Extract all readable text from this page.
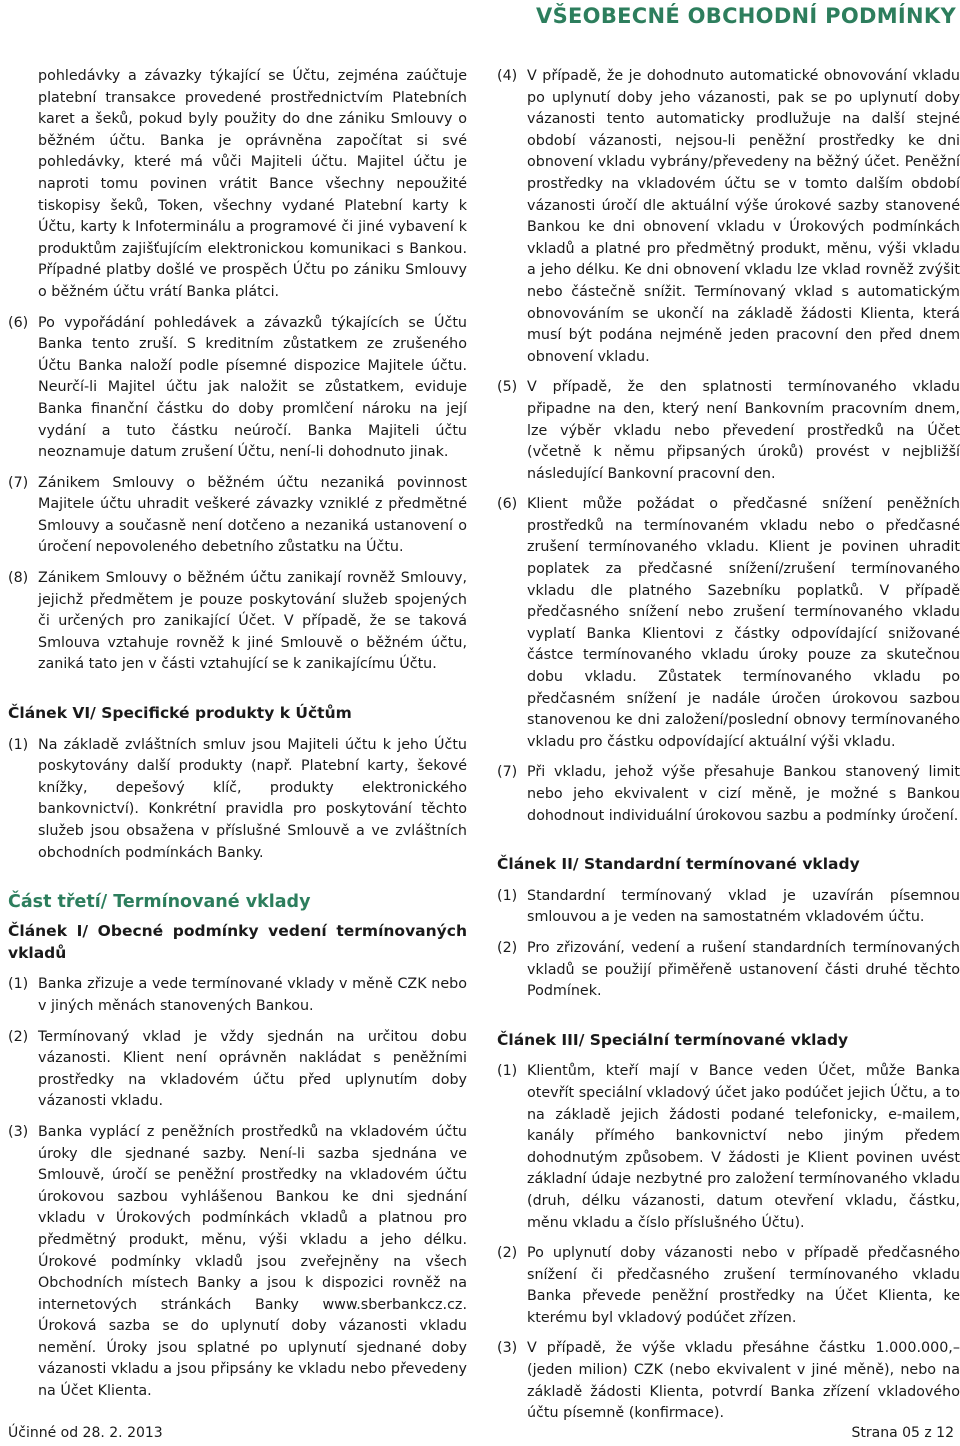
VŠEOBECNÉ OBCHODNÍ PODMÍNKY

pohledávky a závazky týkající se Účtu, zejména zaúčtuje platební transakce provedené prostřednictvím Platebních karet a šeků, pokud byly použity do dne zániku Smlouvy o běžném účtu. Banka je oprávněna započítat si své pohledávky, které má vůči Majiteli účtu. Majitel účtu je naproti tomu povinen vrátit Bance všechny nepoužité tiskopisy šeků, Token, všechny vydané Platební karty k Účtu, karty k Infoterminálu a programové či jiné vybavení k produktům zajišťujícím elektronickou komunikaci s Bankou. Případné platby došlé ve prospěch Účtu po zániku Smlouvy o běžném účtu vrátí Banka plátci.

(6) Po vypořádání pohledávek a závazků týkajících se Účtu Banka tento zruší. S kreditním zůstatkem ze zrušeného Účtu Banka naloží podle písemné dispozice Majitele účtu. Neurčí-li Majitel účtu jak naložit se zůstatkem, eviduje Banka finanční částku do doby promlčení nároku na její vydání a tuto částku neúročí. Banka Majiteli účtu neoznamuje datum zrušení Účtu, není-li dohodnuto jinak.
(7) Zánikem Smlouvy o běžném účtu nezaniká povinnost Majitele účtu uhradit veškeré závazky vzniklé z předmětné Smlouvy a současně není dotčeno a nezaniká ustanovení o úročení nepovoleného debetního zůstatku na Účtu.
(8) Zánikem Smlouvy o běžném účtu zanikají rovněž Smlouvy, jejichž předmětem je pouze poskytování služeb spojených či určených pro zanikající Účet. V případě, že se taková Smlouva vztahuje rovněž k jiné Smlouvě o běžném účtu, zaniká tato jen v části vztahující se k zanikajícímu Účtu.
Článek VI/ Specifické produkty k Účtům
(1) Na základě zvláštních smluv jsou Majiteli účtu k jeho Účtu poskytovány další produkty (např. Platební karty, šekové knížky, depešový klíč, produkty elektronického bankovnictví). Konkrétní pravidla pro poskytování těchto služeb jsou obsažena v příslušné Smlouvě a ve zvláštních obchodních podmínkách Banky.
Část třetí/ Termínované vklady
Článek I/ Obecné podmínky vedení termínovaných vkladů
(1) Banka zřizuje a vede termínované vklady v měně CZK nebo v jiných měnách stanovených Bankou.
(2) Termínovaný vklad je vždy sjednán na určitou dobu vázanosti. Klient není oprávněn nakládat s peněžními prostředky na vkladovém účtu před uplynutím doby vázanosti vkladu.
(3) Banka vyplácí z peněžních prostředků na vkladovém účtu úroky dle sjednané sazby. Není-li sazba sjednána ve Smlouvě, úročí se peněžní prostředky na vkladovém účtu úrokovou sazbou vyhlášenou Bankou ke dni sjednání vkladu v Úrokových podmínkách vkladů a platnou pro předmětný produkt, měnu, výši vkladu a jeho délku. Úrokové podmínky vkladů jsou zveřejněny na všech Obchodních místech Banky a jsou k dispozici rovněž na internetových stránkách Banky www.sberbankcz.cz. Úroková sazba se do uplynutí doby vázanosti vkladu nemění. Úroky jsou splatné po uplynutí sjednané doby vázanosti vkladu a jsou připsány ke vkladu nebo převedeny na Účet Klienta.
(4) V případě, že je dohodnuto automatické obnovování vkladu po uplynutí doby jeho vázanosti, pak se po uplynutí doby vázanosti tento automaticky prodlužuje na další stejné období vázanosti, nejsou-li peněžní prostředky ke dni obnovení vkladu vybrány/převedeny na běžný účet. Peněžní prostředky na vkladovém účtu se v tomto dalším období vázanosti úročí dle aktuální výše úrokové sazby stanovené Bankou ke dni obnovení vkladu v Úrokových podmínkách vkladů a platné pro předmětný produkt, měnu, výši vkladu a jeho délku. Ke dni obnovení vkladu lze vklad rovněž zvýšit nebo částečně snížit. Termínovaný vklad s automatickým obnovováním se ukončí na základě žádosti Klienta, která musí být podána nejméně jeden pracovní den před dnem obnovení vkladu.
(5) V případě, že den splatnosti termínovaného vkladu připadne na den, který není Bankovním pracovním dnem, lze výběr vkladu nebo převedení prostředků na Účet (včetně k němu připsaných úroků) provést v nejbližší následující Bankovní pracovní den.
(6) Klient může požádat o předčasné snížení peněžních prostředků na termínovaném vkladu nebo o předčasné zrušení termínovaného vkladu. Klient je povinen uhradit poplatek za předčasné snížení/zrušení termínovaného vkladu dle platného Sazebníku poplatků. V případě předčasného snížení nebo zrušení termínovaného vkladu vyplatí Banka Klientovi z částky odpovídající snižované částce termínovaného vkladu úroky pouze za skutečnou dobu vkladu. Zůstatek termínovaného vkladu po předčasném snížení je nadále úročen úrokovou sazbou stanovenou ke dni založení/poslední obnovy termínovaného vkladu pro částku odpovídající aktuální výši vkladu.
(7) Při vkladu, jehož výše přesahuje Bankou stanovený limit nebo jeho ekvivalent v cizí měně, je možné s Bankou dohodnout individuální úrokovou sazbu a podmínky úročení.
Článek II/ Standardní termínované vklady
(1) Standardní termínovaný vklad je uzavírán písemnou smlouvou a je veden na samostatném vkladovém účtu.
(2) Pro zřizování, vedení a rušení standardních termínovaných vkladů se použijí přiměřeně ustanovení části druhé těchto Podmínek.
Článek III/ Speciální termínované vklady
(1) Klientům, kteří mají v Bance veden Účet, může Banka otevřít speciální vkladový účet jako podúčet jejich Účtu, a to na základě jejich žádosti podané telefonicky, e-mailem, kanály přímého bankovnictví nebo jiným předem dohodnutým způsobem. V žádosti je Klient povinen uvést základní údaje nezbytné pro založení termínovaného vkladu (druh, délku vázanosti, datum otevření vkladu, částku, měnu vkladu a číslo příslušného Účtu).
(2) Po uplynutí doby vázanosti nebo v případě předčasného snížení či předčasného zrušení termínovaného vkladu Banka převede peněžní prostředky na Účet Klienta, ke kterému byl vkladový podúčet zřízen.
(3) V případě, že výše vkladu přesáhne částku 1.000.000,– (jeden milion) CZK (nebo ekvivalent v jiné měně), nebo na základě žádosti Klienta, potvrdí Banka zřízení vkladového účtu písemně (konfirmace).
Účinné od 28. 2. 2013	Strana 05 z 12
